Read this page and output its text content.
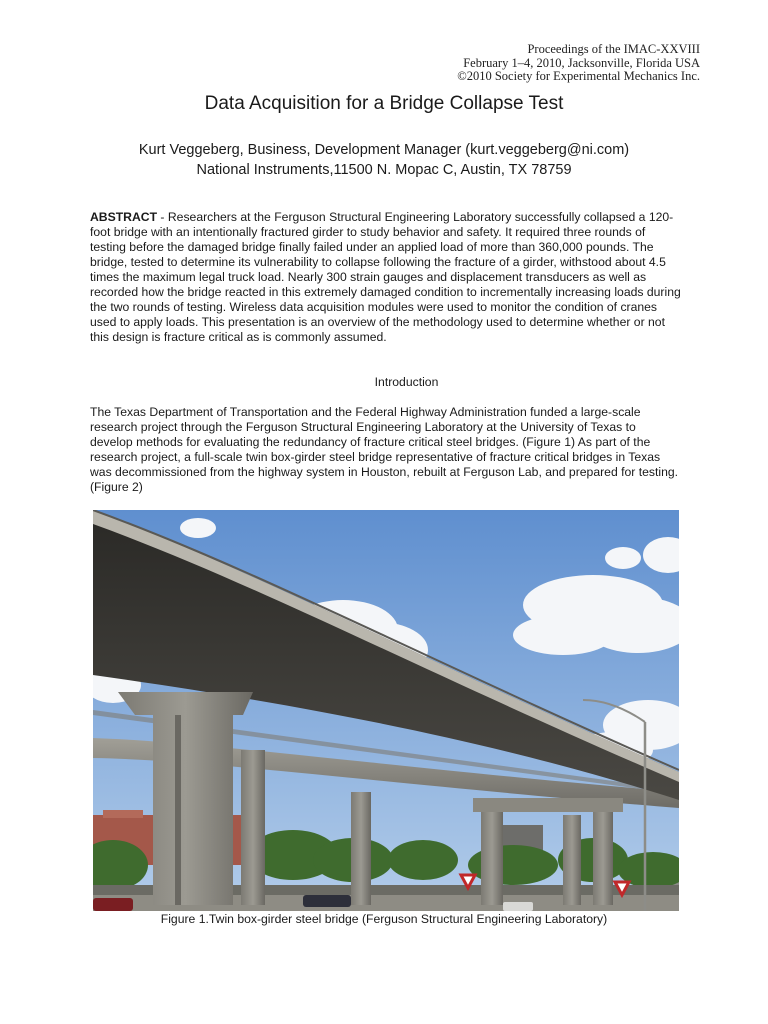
Proceedings of the IMAC-XXVIII
February 1–4, 2010, Jacksonville, Florida USA
©2010 Society for Experimental Mechanics Inc.
Data Acquisition for a Bridge Collapse Test
Kurt Veggeberg, Business, Development Manager (kurt.veggeberg@ni.com)
National Instruments,11500 N. Mopac C, Austin, TX 78759
ABSTRACT - Researchers at the Ferguson Structural Engineering Laboratory successfully collapsed a 120-foot bridge with an intentionally fractured girder to study behavior and safety. It required three rounds of testing before the damaged bridge finally failed under an applied load of more than 360,000 pounds. The bridge, tested to determine its vulnerability to collapse following the fracture of a girder, withstood about 4.5 times the maximum legal truck load. Nearly 300 strain gauges and displacement transducers as well as recorded how the bridge reacted in this extremely damaged condition to incrementally increasing loads during the two rounds of testing. Wireless data acquisition modules were used to monitor the condition of cranes used to apply loads. This presentation is an overview of the methodology used to determine whether or not this design is fracture critical as is commonly assumed.
Introduction
The Texas Department of Transportation and the Federal Highway Administration funded a large-scale research project through the Ferguson Structural Engineering Laboratory at the University of Texas to develop methods for evaluating the redundancy of fracture critical steel bridges. (Figure 1) As part of the research project, a full-scale twin box-girder steel bridge representative of fracture critical bridges in Texas was decommissioned from the highway system in Houston, rebuilt at Ferguson Lab, and prepared for testing. (Figure 2)
Figure 1.Twin box-girder steel bridge (Ferguson Structural Engineering Laboratory)
